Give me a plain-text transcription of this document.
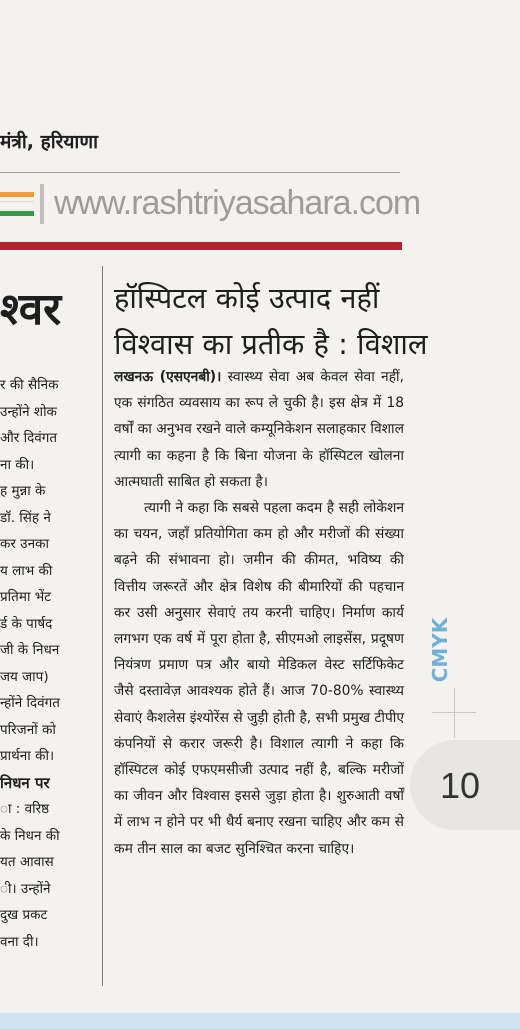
मंत्री, हरियाणा
www.rashtriyasahara.com
श्वर
र की सैनिक
उन्होंने शोक
और दिवंगत
ना की।
ह मुन्ना के
डॉ. सिंह ने
कर उनका
य लाभ की
प्रतिमा भेंट
र्ड के पार्षद
जी के निधन
जय जाप)
न्होंने दिवंगत
परिजनों को
प्रार्थना की।
निधन पर
ा : वरिष्ठ
के निधन की
यत आवास
ी। उन्होंने
दुख प्रकट
वना दी।
हॉस्पिटल कोई उत्पाद नहीं
विश्वास का प्रतीक है : विशाल

लखनऊ (एसएनबी)। स्वास्थ्य सेवा अब केवल सेवा नहीं, एक संगठित व्यवसाय का रूप ले चुकी है। इस क्षेत्र में 18 वर्षों का अनुभव रखने वाले कम्यूनिकेशन सलाहकार विशाल त्यागी का कहना है कि बिना योजना के हॉस्पिटल खोलना आत्मघाती साबित हो सकता है।

त्यागी ने कहा कि सबसे पहला कदम है सही लोकेशन का चयन, जहाँ प्रतियोगिता कम हो और मरीजों की संख्या बढ़ने की संभावना हो। जमीन की कीमत, भविष्य की वित्तीय जरूरतें और क्षेत्र विशेष की बीमारियों की पहचान कर उसी अनुसार सेवाएं तय करनी चाहिए। निर्माण कार्य लगभग एक वर्ष में पूरा होता है, सीएमओ लाइसेंस, प्रदूषण नियंत्रण प्रमाण पत्र और बायो मेडिकल वेस्ट सर्टिफिकेट जैसे दस्तावेज़ आवश्यक होते हैं। आज 70-80% स्वास्थ्य सेवाएं कैशलेस इंश्योरेंस से जुड़ी होती है, सभी प्रमुख टीपीए कंपनियों से करार जरूरी है। विशाल त्यागी ने कहा कि हॉस्पिटल कोई एफएमसीजी उत्पाद नहीं है, बल्कि मरीजों का जीवन और विश्वास इससे जुड़ा होता है। शुरुआती वर्षों में लाभ न होने पर भी धैर्य बनाए रखना चाहिए और कम से कम तीन साल का बजट सुनिश्चित करना चाहिए।

CMYK
10
